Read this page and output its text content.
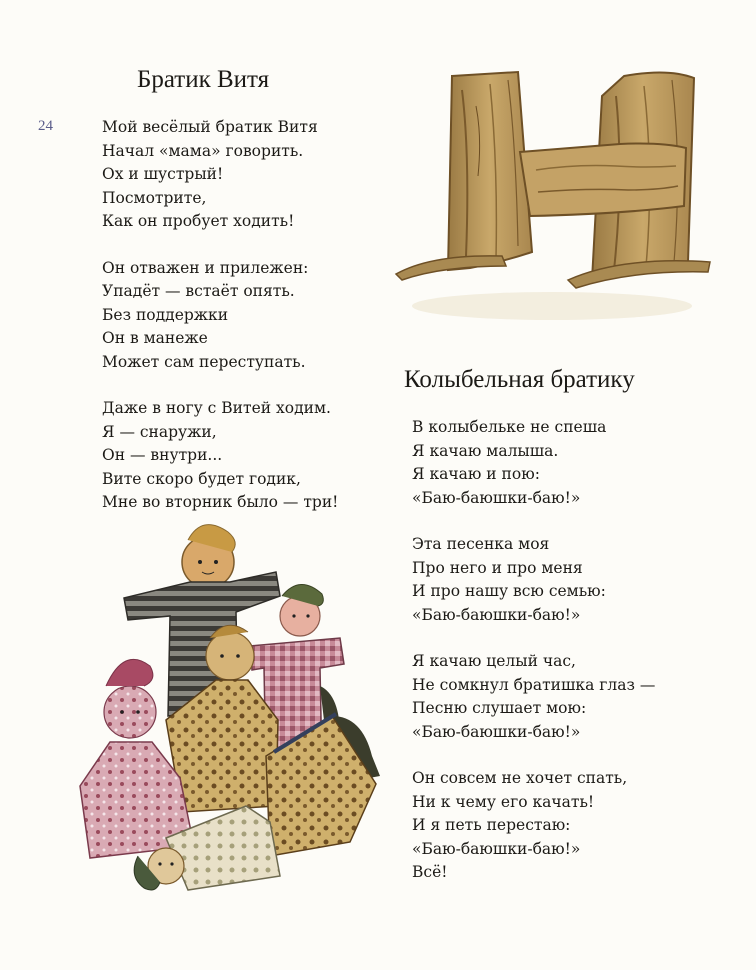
24
Братик Витя
Мой весёлый братик Витя
Начал «мама» говорить.
Ох и шустрый!
Посмотрите,
Как он пробует ходить!
Он отважен и прилежен:
Упадёт — встаёт опять.
Без поддержки
Он в манеже
Может сам переступать.
Даже в ногу с Витей ходим.
Я — снаружи,
Он — внутри...
Вите скоро будет годик,
Мне во вторник было — три!
Колыбельная братику
В колыбельке не спеша
Я качаю малыша.
Я качаю и пою:
«Баю-баюшки-баю!»
Эта песенка моя
Про него и про меня
И про нашу всю семью:
«Баю-баюшки-баю!»
Я качаю целый час,
Не сомкнул братишка глаз —
Песню слушает мою:
«Баю-баюшки-баю!»
Он совсем не хочет спать,
Ни к чему его качать!
И я петь перестаю:
«Баю-баюшки-баю!»
Всё!
